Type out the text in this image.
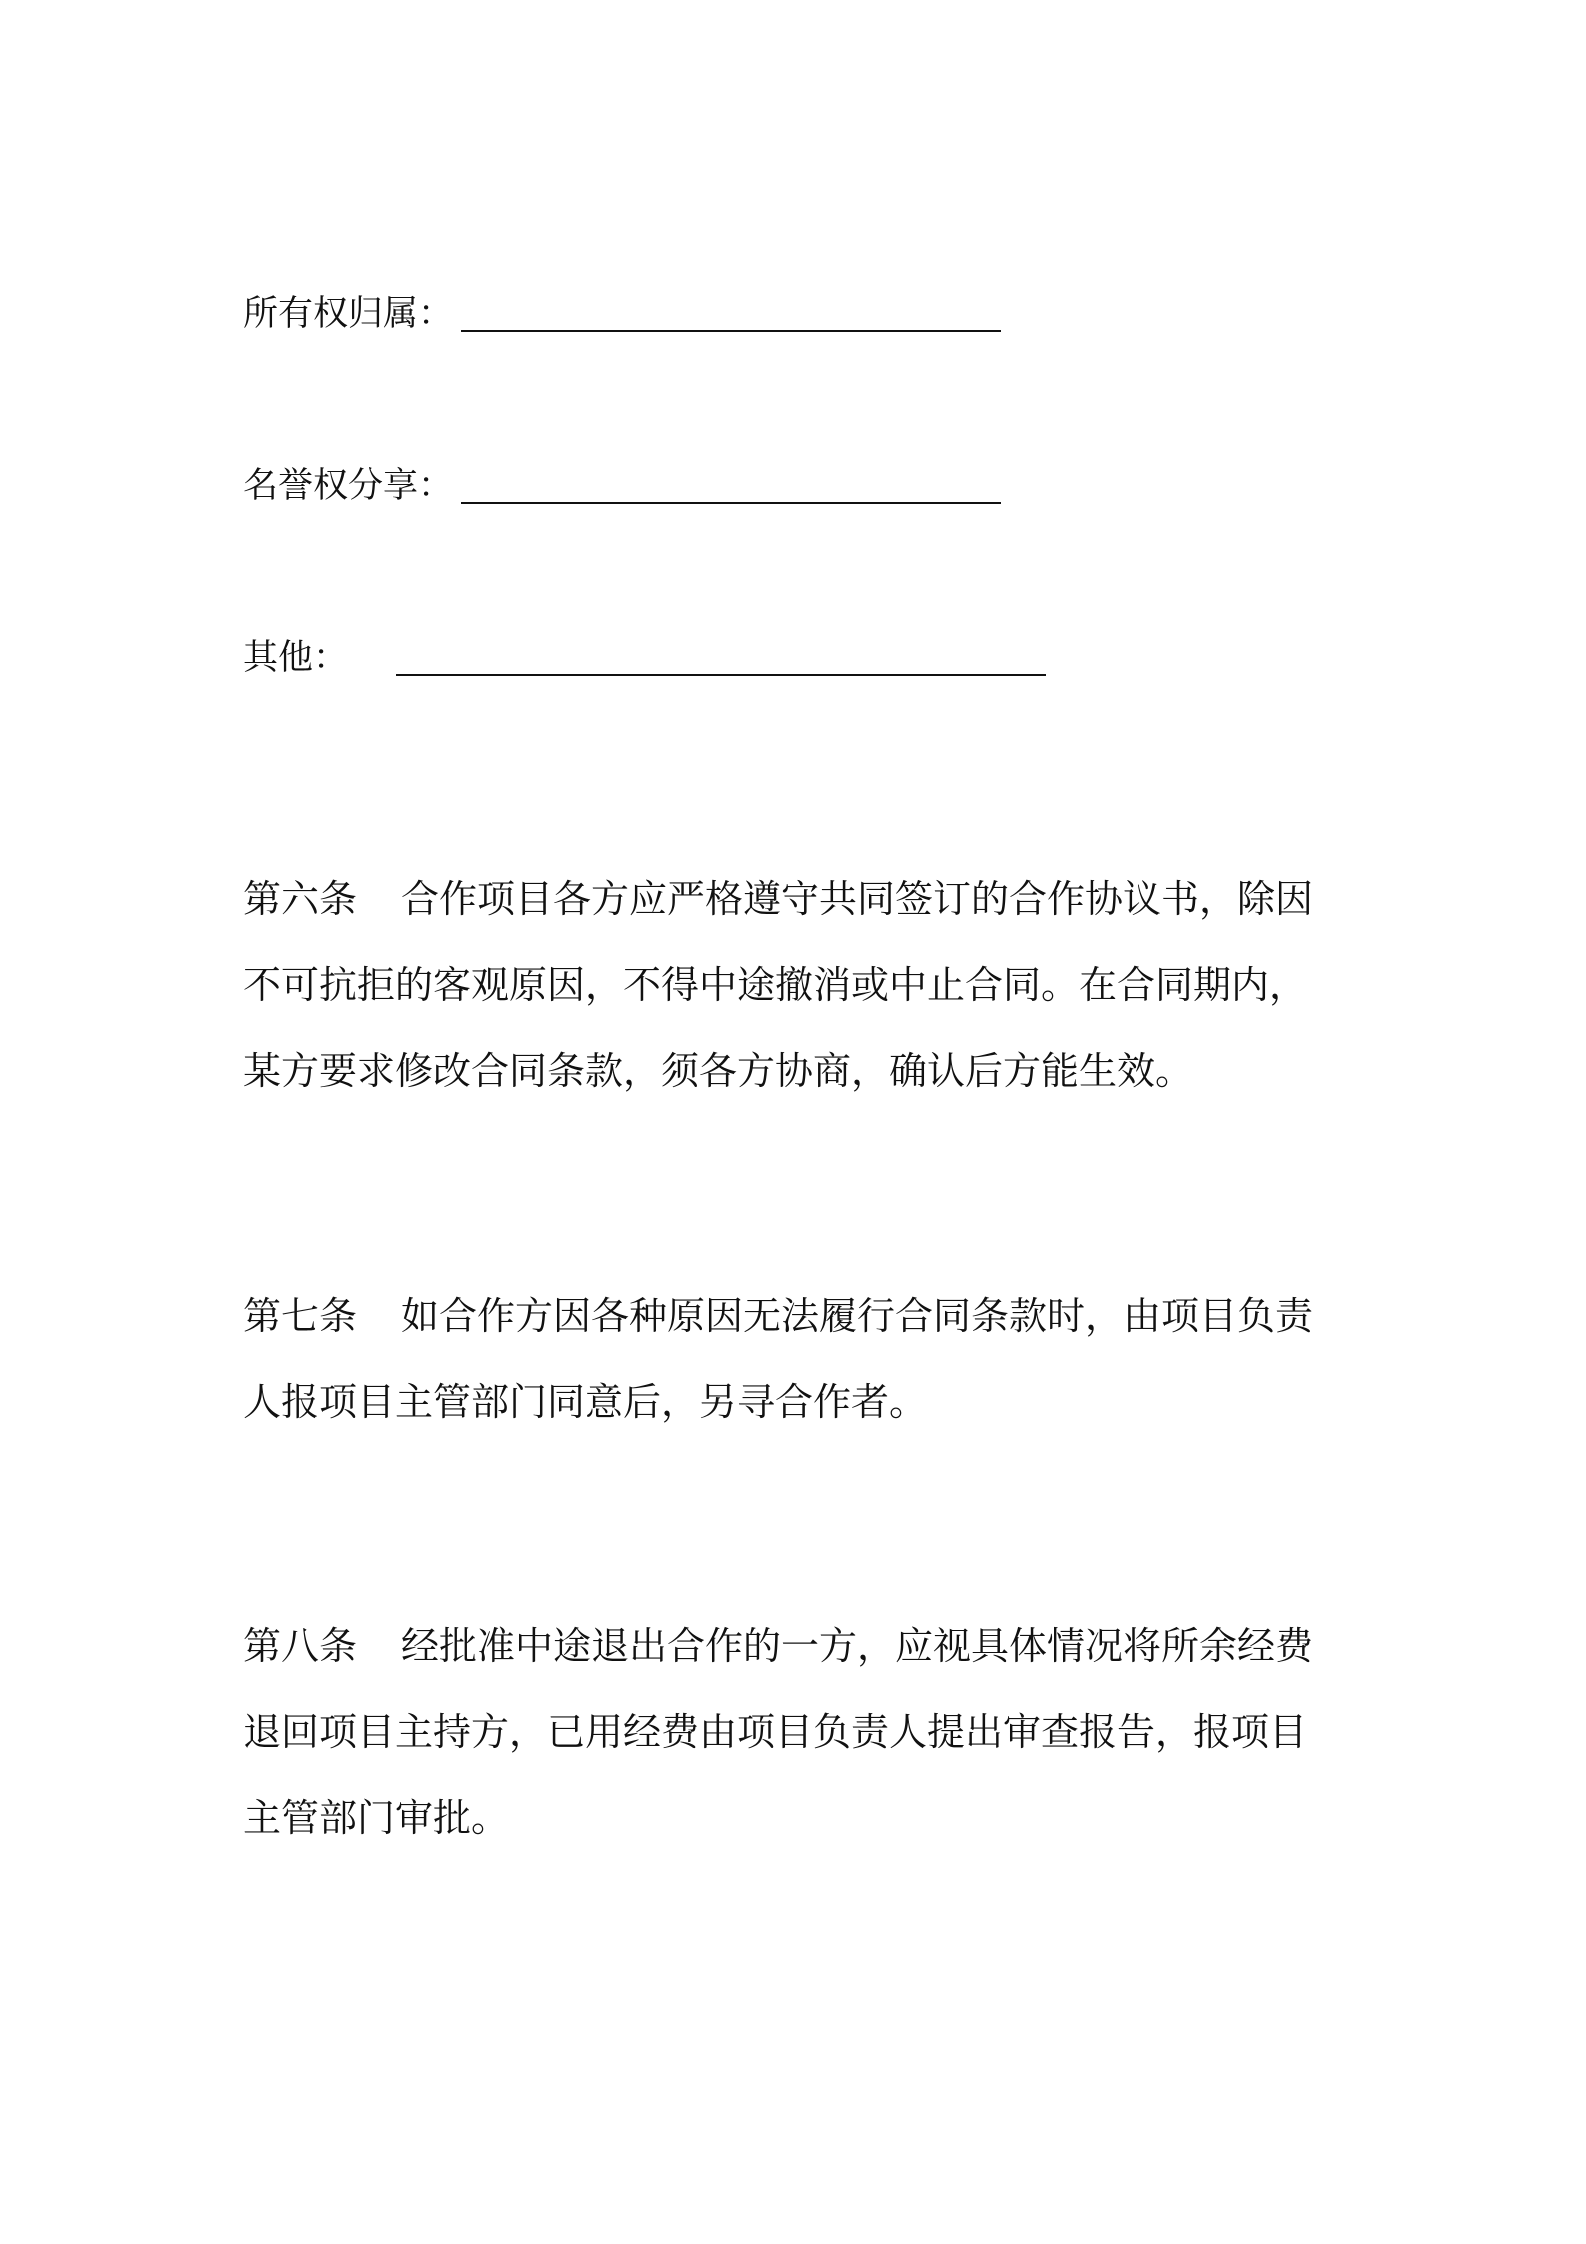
所有权归属：
名誉权分享：
其他：
第六条 合作项目各方应严格遵守共同签订的合作协议书，除因
不可抗拒的客观原因，不得中途撤消或中止合同。在合同期内，
某方要求修改合同条款，须各方协商，确认后方能生效。
第七条 如合作方因各种原因无法履行合同条款时，由项目负责
人报项目主管部门同意后，另寻合作者。
第八条 经批准中途退出合作的一方，应视具体情况将所余经费
退回项目主持方，已用经费由项目负责人提出审查报告，报项目
主管部门审批。
